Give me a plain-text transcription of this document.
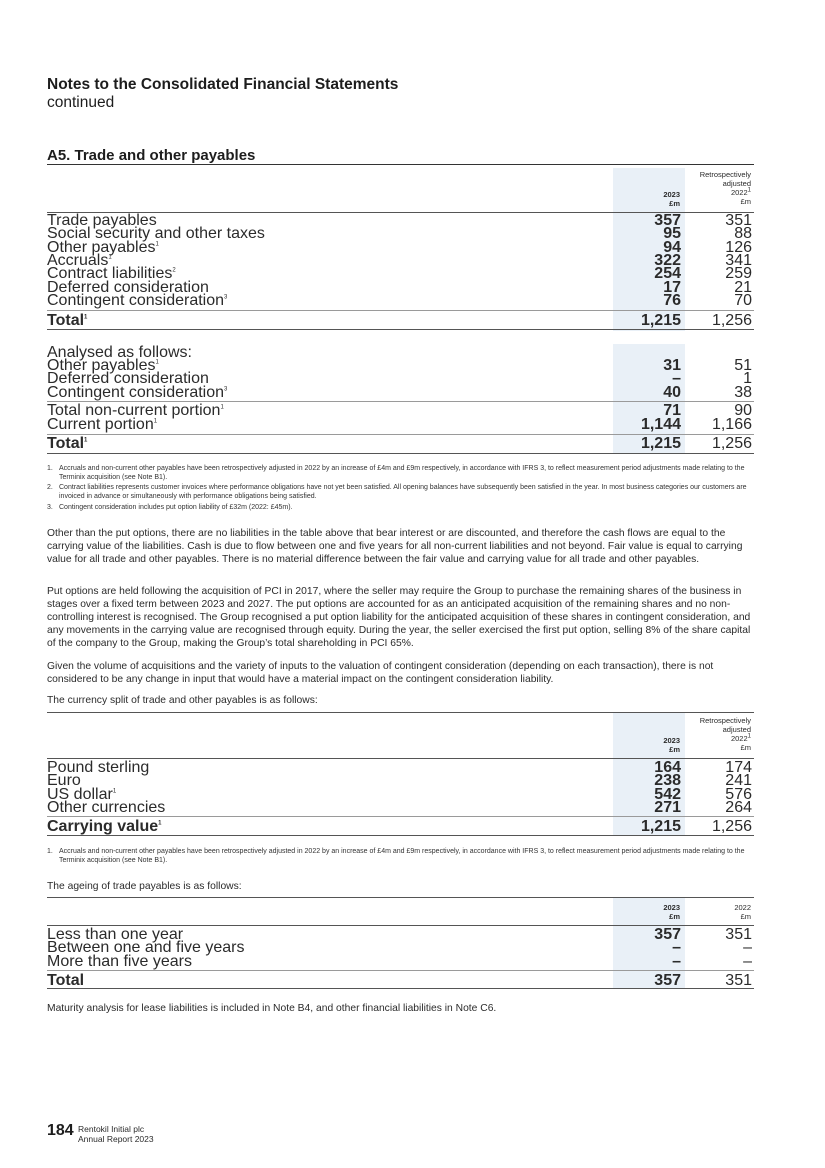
Notes to the Consolidated Financial Statements
continued
A5. Trade and other payables
2023
£m
Retrospectively
adjusted
2022$^1$
£m
Trade payables	357	351
Social security and other taxes	95	88
Other payables$^1$	94	126
Accruals$^1$	322	341
Contract liabilities$^2$	254	259
Deferred consideration	17	21
Contingent consideration$^3$	76	70
Total$^1$	1,215	1,256
Analysed as follows:
Other payables$^1$	31	51
Deferred consideration	–	1
Contingent consideration$^3$	40	38
Total non-current portion$^1$	71	90
Current portion$^1$	1,144	1,166
Total$^1$	1,215	1,256
1. Accruals and non-current other payables have been retrospectively adjusted in 2022 by an increase of £4m and £9m respectively, in accordance with IFRS 3, to reflect measurement period adjustments made relating to the Terminix acquisition (see Note B1).
2. Contract liabilities represents customer invoices where performance obligations have not yet been satisfied. All opening balances have subsequently been satisfied in the year. In most business categories our customers are invoiced in advance or simultaneously with performance obligations being satisfied.
3. Contingent consideration includes put option liability of £32m (2022: £45m).
Other than the put options, there are no liabilities in the table above that bear interest or are discounted, and therefore the cash flows are equal to the carrying value of the liabilities. Cash is due to flow between one and five years for all non-current liabilities and not beyond. Fair value is equal to carrying value for all trade and other payables. There is no material difference between the fair value and carrying value for all trade and other payables.
Put options are held following the acquisition of PCI in 2017, where the seller may require the Group to purchase the remaining shares of the business in stages over a fixed term between 2023 and 2027. The put options are accounted for as an anticipated acquisition of the remaining shares and no non-controlling interest is recognised. The Group recognised a put option liability for the anticipated acquisition of these shares in contingent consideration, and any movements in the carrying value are recognised through equity. During the year, the seller exercised the first put option, selling 8% of the share capital of the company to the Group, making the Group’s total shareholding in PCI 65%.
Given the volume of acquisitions and the variety of inputs to the valuation of contingent consideration (depending on each transaction), there is not considered to be any change in input that would have a material impact on the contingent consideration liability.
The currency split of trade and other payables is as follows:
2023
£m
Retrospectively
adjusted
2022$^1$
£m
Pound sterling	164	174
Euro	238	241
US dollar$^1$	542	576
Other currencies	271	264
Carrying value$^1$	1,215	1,256
1. Accruals and non-current other payables have been retrospectively adjusted in 2022 by an increase of £4m and £9m respectively, in accordance with IFRS 3, to reflect measurement period adjustments made relating to the Terminix acquisition (see Note B1).
The ageing of trade payables is as follows:
2023
£m
2022
£m
Less than one year	357	351
Between one and five years	–	–
More than five years	–	–
Total	357	351
Maturity analysis for lease liabilities is included in Note B4, and other financial liabilities in Note C6.
184 Rentokil Initial plc
Annual Report 2023
